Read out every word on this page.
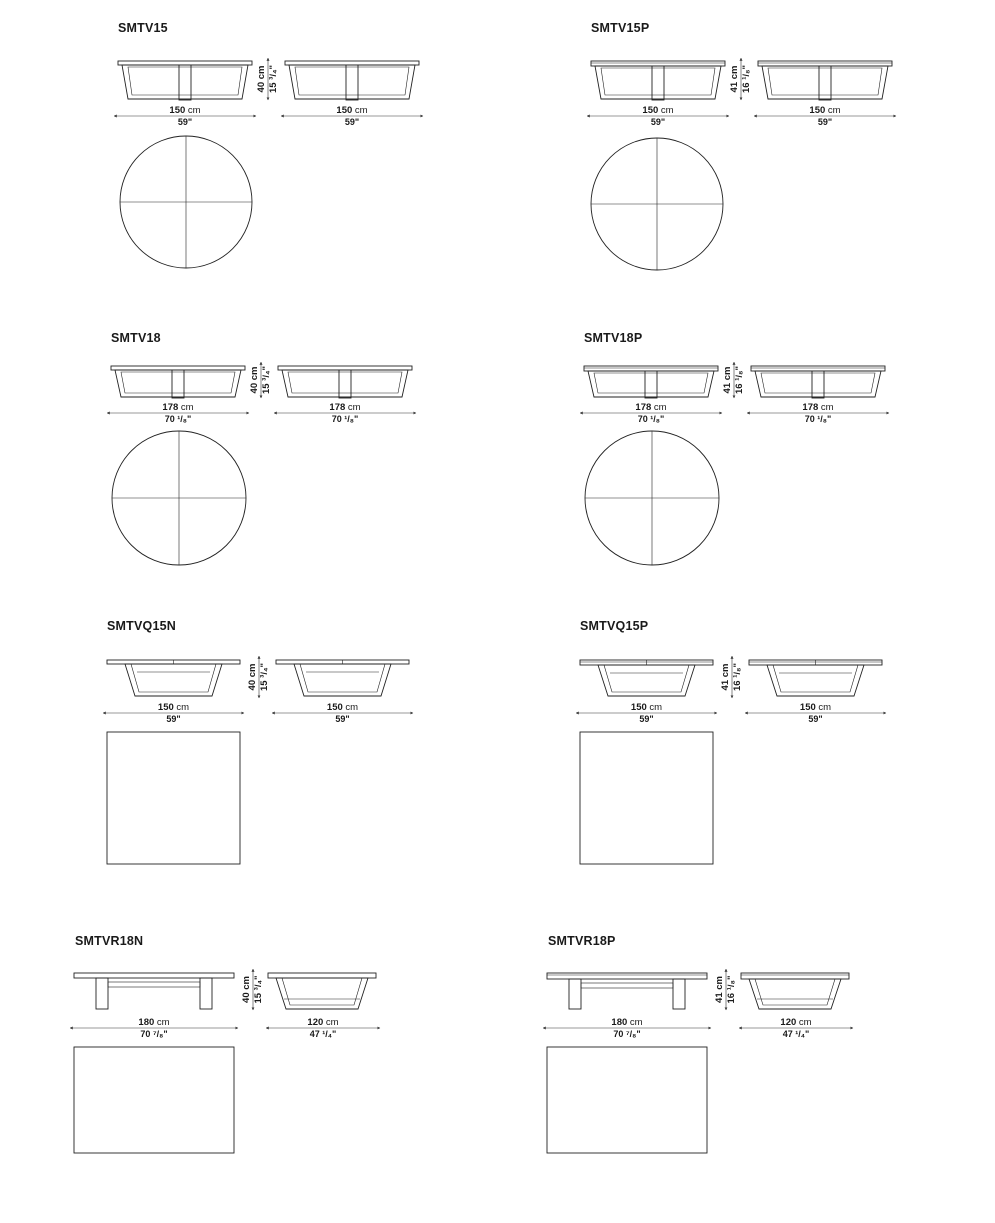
SMTV15	SMTV15P
SMTV18	SMTV18P
SMTVQ15N	SMTVQ15P
SMTVR18N	SMTVR18P
150 cm
59"
150 cm
59"
40 cm 15 ³/₄"
150 cm
59"
150 cm
59"
41 cm 16 ¹/₈"
178 cm
70 ¹/₈"
178 cm
70 ¹/₈"
40 cm 15 ³/₄"
178 cm
70 ¹/₈"
178 cm
70 ¹/₈"
41 cm 16 ¹/₈"
150 cm
59"
150 cm
59"
40 cm 15 ³/₄"
150 cm
59"
150 cm
59"
41 cm 16 ¹/₈"
180 cm
70 ⁷/₈"
120 cm
47 ¹/₄"
40 cm 15 ³/₄"
180 cm
70 ⁷/₈"
120 cm
47 ¹/₄"
41 cm 16 ¹/₈"
